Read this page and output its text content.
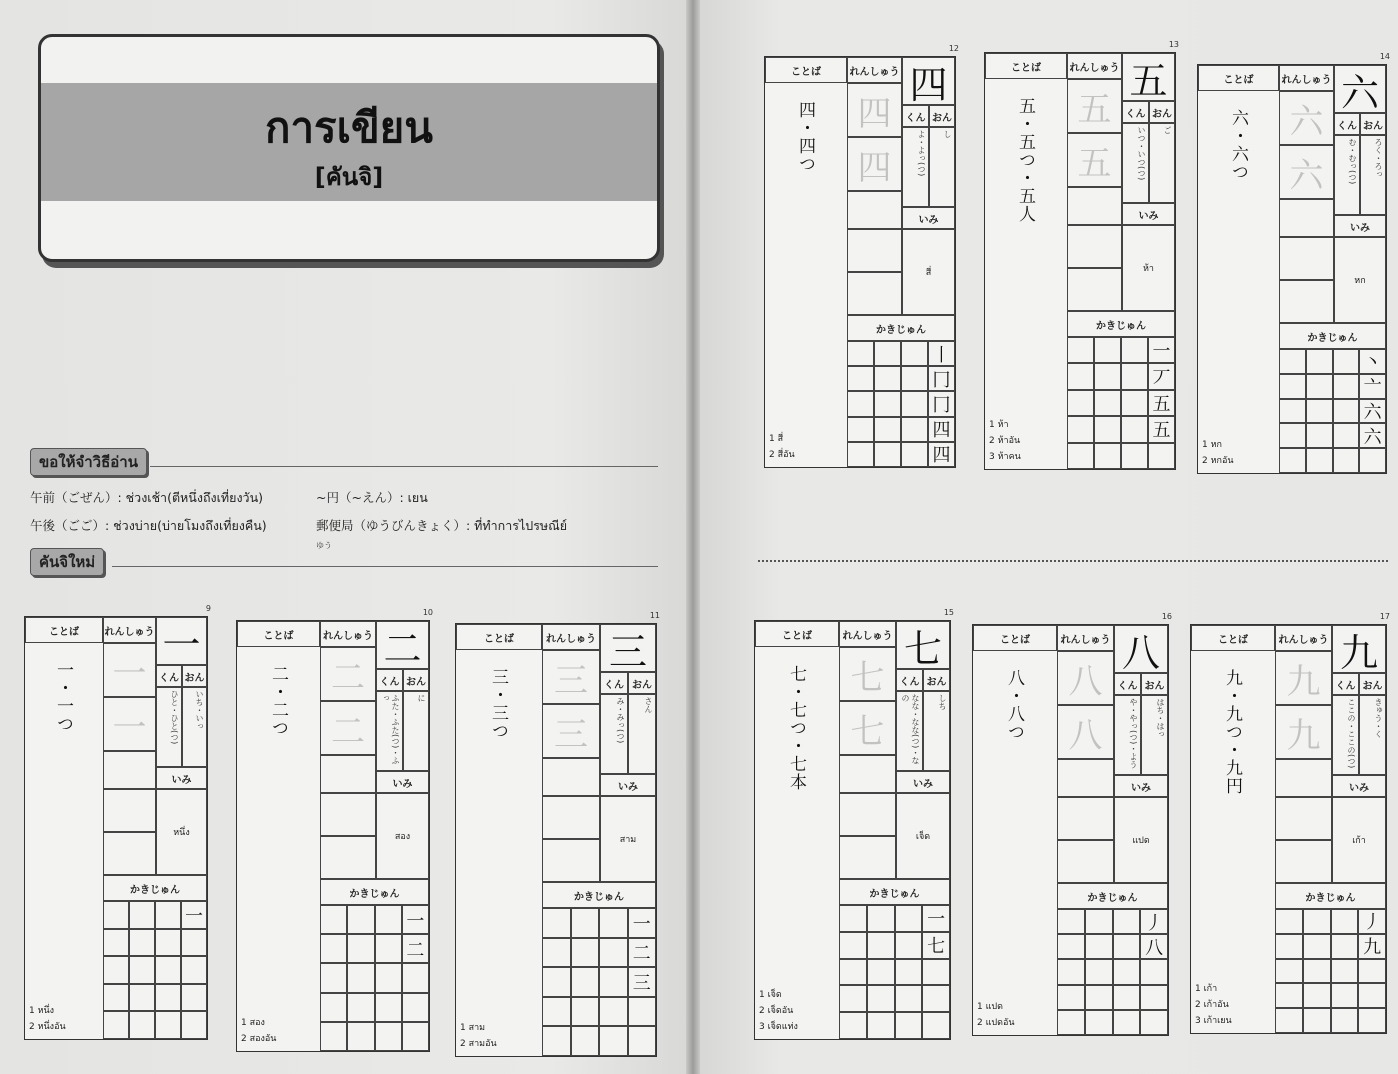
การเขียน
[คันจิ]
ขอให้จำวิธีอ่าน
午前（ごぜん）: ช่วงเช้า(ตีหนึ่งถึงเที่ยงวัน)
午後（ごご）: ช่วงบ่าย(บ่ายโมงถึงเที่ยงคืน)
~円（~えん）: เยน
郵便局（ゆうびんきょく）: ที่ทำการไปรษณีย์
ゆう
คันจิใหม่
9
ことば	れんしゅう 一
一・一つ 一
一
くん おん
ひと・ひと(つ)	いち・いっ
いみ
หนึ่ง
かきじゅん
一
1 หนึ่ง
2 หนึ่งอัน
10
ことば	れんしゅう 二
二・二つ	二
二
くん おん
ふた・ふた(つ)・ふっ	に
いみ
สอง
かきじゅん
一
二
1 สอง
2 สองอัน
11
ことば	れんしゅう 三
三・三つ	三
三
くん おん
み・みっ(つ)	さん
いみ
สาม
かきじゅん
一
二
三
1 สาม
2 สามอัน
12
ことば	れんしゅう 四
四・四つ	四
四
くん おん
よ・よっ(つ)	し
いみ
สี่
かきじゅん
丨
冂
冂
四
四
1 สี่
2 สี่อัน
13
ことば	れんしゅう 五
五・五つ・五人	五
五
くん おん
いつ・いつ(つ)	ご
いみ
ห้า
かきじゅん
一
丆
五
五
1 ห้า
2 ห้าอัน
3 ห้าคน
14
ことば	れんしゅう 六
六・六つ	六
六
くん おん
む・むっ(つ)	ろく・ろっ
いみ
หก
かきじゅん
丶
亠
六
六
1 หก
2 หกอัน
15
ことば	れんしゅう 七
七・七つ・七本	七
七
くん おん
なな・なな(つ)・なの	しち
いみ
เจ็ด
かきじゅん
一
七
1 เจ็ด
2 เจ็ดอัน
3 เจ็ดแท่ง
16
ことば	れんしゅう 八
八・八つ	八
八
くん おん
や・やっ(つ)・よう	はち・はっ
いみ
แปด
かきじゅん
丿
八
1 แปด
2 แปดอัน
17
ことば	れんしゅう 九
九・九つ・九円	九
九
くん おん
ここの・ここの(つ)	きゅう・く
いみ
เก้า
かきじゅん
丿
九
1 เก้า
2 เก้าอัน
3 เก้าเยน
